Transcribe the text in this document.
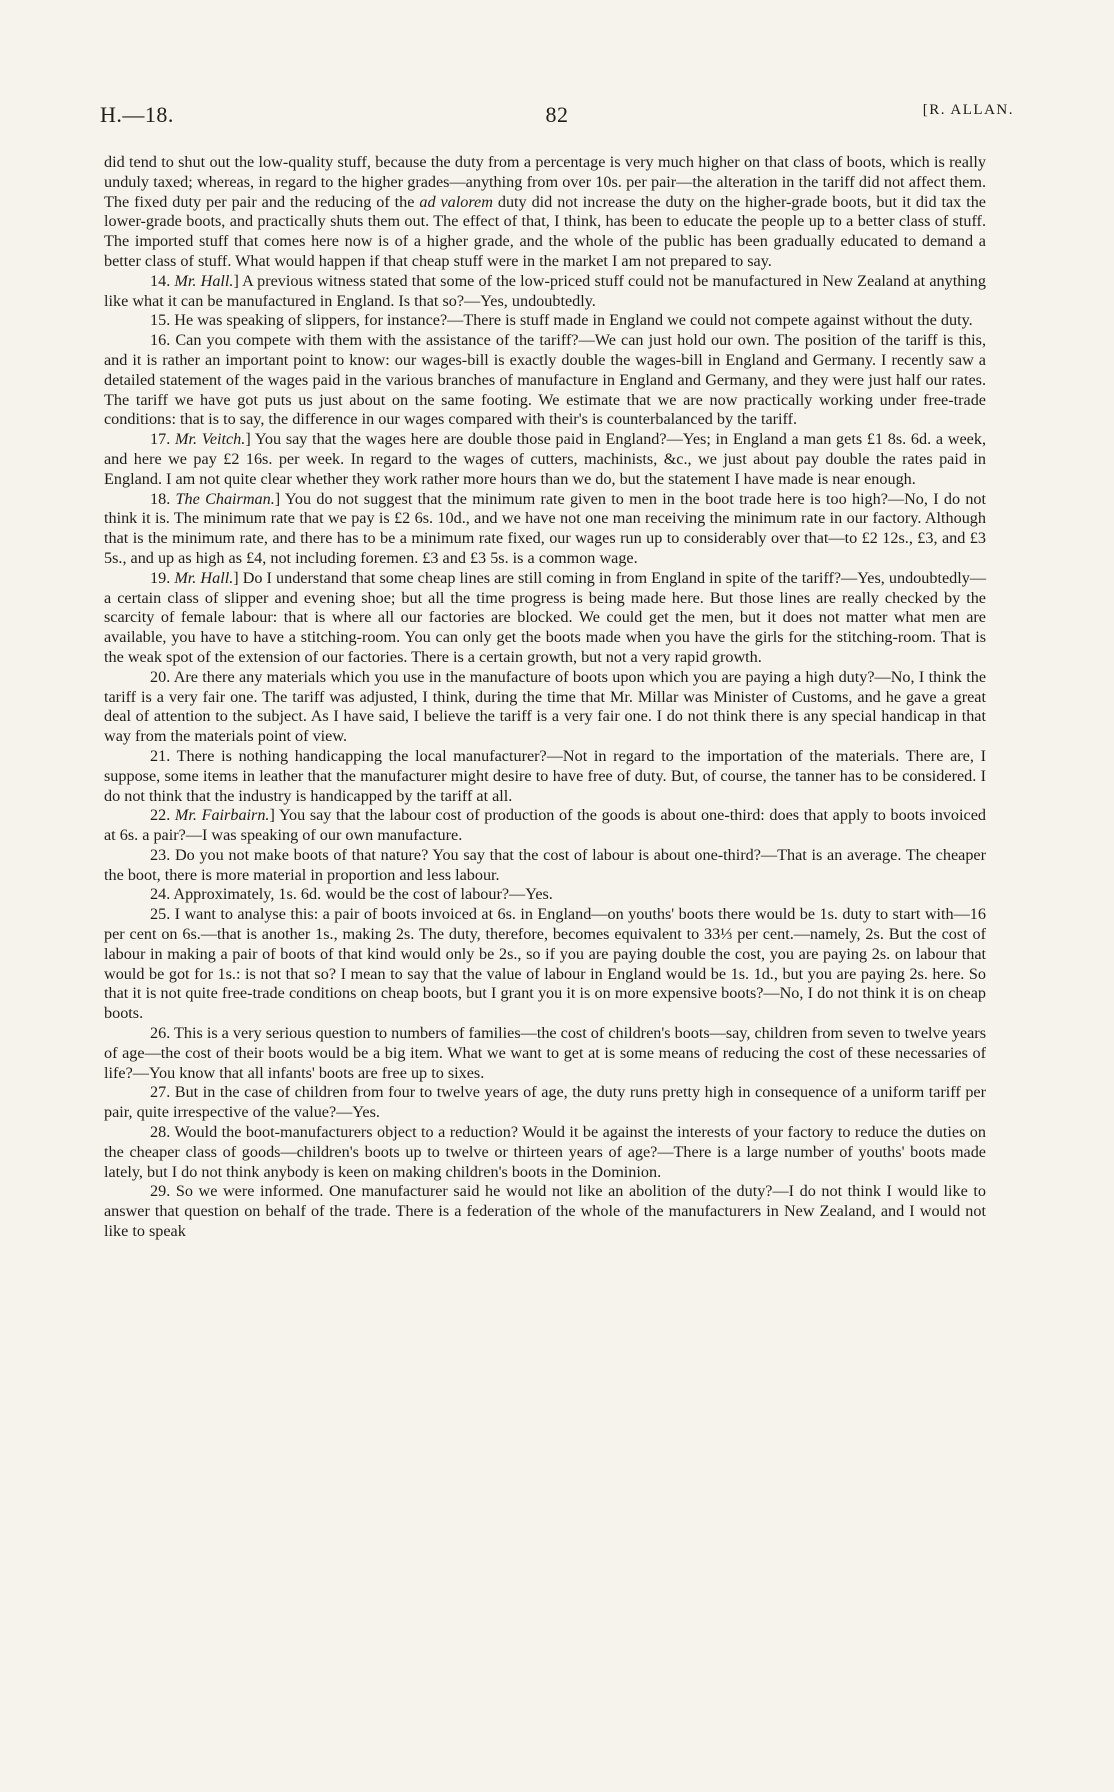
H.—18.	82	[R. ALLAN.

did tend to shut out the low-quality stuff, because the duty from a percentage is very much higher on that class of boots, which is really unduly taxed; whereas, in regard to the higher grades—anything from over 10s. per pair—the alteration in the tariff did not affect them. The fixed duty per pair and the reducing of the ad valorem duty did not increase the duty on the higher-grade boots, but it did tax the lower-grade boots, and practically shuts them out. The effect of that, I think, has been to educate the people up to a better class of stuff. The imported stuff that comes here now is of a higher grade, and the whole of the public has been gradually educated to demand a better class of stuff. What would happen if that cheap stuff were in the market I am not prepared to say.

14. Mr. Hall.] A previous witness stated that some of the low-priced stuff could not be manufactured in New Zealand at anything like what it can be manufactured in England. Is that so?—Yes, undoubtedly.

15. He was speaking of slippers, for instance?—There is stuff made in England we could not compete against without the duty.

16. Can you compete with them with the assistance of the tariff?—We can just hold our own. The position of the tariff is this, and it is rather an important point to know: our wages-bill is exactly double the wages-bill in England and Germany. I recently saw a detailed statement of the wages paid in the various branches of manufacture in England and Germany, and they were just half our rates. The tariff we have got puts us just about on the same footing. We estimate that we are now practically working under free-trade conditions: that is to say, the difference in our wages compared with their's is counterbalanced by the tariff.

17. Mr. Veitch.] You say that the wages here are double those paid in England?—Yes; in England a man gets £1 8s. 6d. a week, and here we pay £2 16s. per week. In regard to the wages of cutters, machinists, &c., we just about pay double the rates paid in England. I am not quite clear whether they work rather more hours than we do, but the statement I have made is near enough.

18. The Chairman.] You do not suggest that the minimum rate given to men in the boot trade here is too high?—No, I do not think it is. The minimum rate that we pay is £2 6s. 10d., and we have not one man receiving the minimum rate in our factory. Although that is the minimum rate, and there has to be a minimum rate fixed, our wages run up to considerably over that—to £2 12s., £3, and £3 5s., and up as high as £4, not including foremen. £3 and £3 5s. is a common wage.

19. Mr. Hall.] Do I understand that some cheap lines are still coming in from England in spite of the tariff?—Yes, undoubtedly—a certain class of slipper and evening shoe; but all the time progress is being made here. But those lines are really checked by the scarcity of female labour: that is where all our factories are blocked. We could get the men, but it does not matter what men are available, you have to have a stitching-room. You can only get the boots made when you have the girls for the stitching-room. That is the weak spot of the extension of our factories. There is a certain growth, but not a very rapid growth.

20. Are there any materials which you use in the manufacture of boots upon which you are paying a high duty?—No, I think the tariff is a very fair one. The tariff was adjusted, I think, during the time that Mr. Millar was Minister of Customs, and he gave a great deal of attention to the subject. As I have said, I believe the tariff is a very fair one. I do not think there is any special handicap in that way from the materials point of view.

21. There is nothing handicapping the local manufacturer?—Not in regard to the importation of the materials. There are, I suppose, some items in leather that the manufacturer might desire to have free of duty. But, of course, the tanner has to be considered. I do not think that the industry is handicapped by the tariff at all.

22. Mr. Fairbairn.] You say that the labour cost of production of the goods is about one-third: does that apply to boots invoiced at 6s. a pair?—I was speaking of our own manufacture.

23. Do you not make boots of that nature? You say that the cost of labour is about one-third?—That is an average. The cheaper the boot, there is more material in proportion and less labour.

24. Approximately, 1s. 6d. would be the cost of labour?—Yes.

25. I want to analyse this: a pair of boots invoiced at 6s. in England—on youths' boots there would be 1s. duty to start with—16 per cent on 6s.—that is another 1s., making 2s. The duty, therefore, becomes equivalent to 33⅓ per cent.—namely, 2s. But the cost of labour in making a pair of boots of that kind would only be 2s., so if you are paying double the cost, you are paying 2s. on labour that would be got for 1s.: is not that so? I mean to say that the value of labour in England would be 1s. 1d., but you are paying 2s. here. So that it is not quite free-trade conditions on cheap boots, but I grant you it is on more expensive boots?—No, I do not think it is on cheap boots.

26. This is a very serious question to numbers of families—the cost of children's boots—say, children from seven to twelve years of age—the cost of their boots would be a big item. What we want to get at is some means of reducing the cost of these necessaries of life?—You know that all infants' boots are free up to sixes.

27. But in the case of children from four to twelve years of age, the duty runs pretty high in consequence of a uniform tariff per pair, quite irrespective of the value?—Yes.

28. Would the boot-manufacturers object to a reduction? Would it be against the interests of your factory to reduce the duties on the cheaper class of goods—children's boots up to twelve or thirteen years of age?—There is a large number of youths' boots made lately, but I do not think anybody is keen on making children's boots in the Dominion.

29. So we were informed. One manufacturer said he would not like an abolition of the duty?—I do not think I would like to answer that question on behalf of the trade. There is a federation of the whole of the manufacturers in New Zealand, and I would not like to speak
